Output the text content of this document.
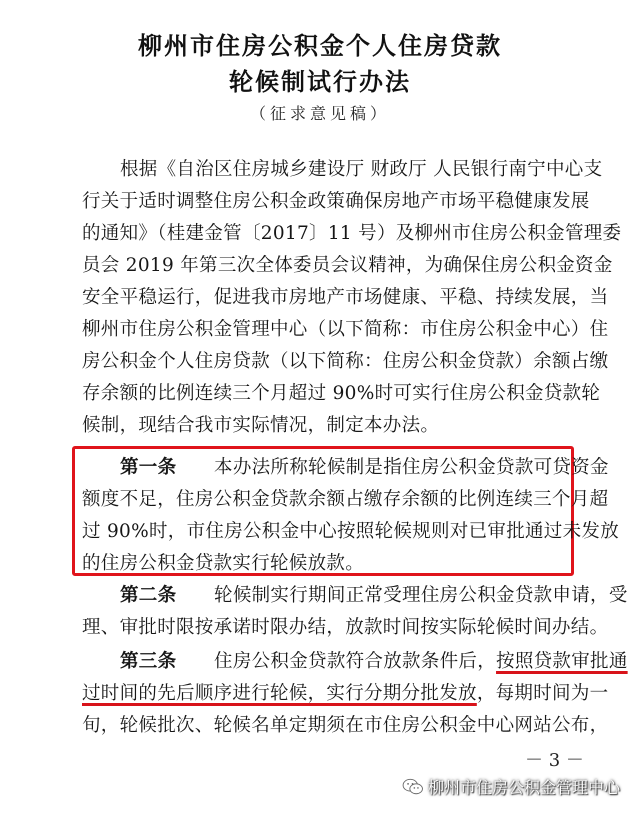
柳州市住房公积金个人住房贷款
轮候制试行办法
（征求意见稿）
根据《自治区住房城乡建设厅 财政厅 人民银行南宁中心支
行关于适时调整住房公积金政策确保房地产市场平稳健康发展
的通知》（桂建金管〔2017〕11 号）及柳州市住房公积金管理委
员会 2019 年第三次全体委员会议精神，为确保住房公积金资金
安全平稳运行，促进我市房地产市场健康、平稳、持续发展，当
柳州市住房公积金管理中心（以下简称：市住房公积金中心）住
房公积金个人住房贷款（以下简称：住房公积金贷款）余额占缴
存余额的比例连续三个月超过 90%时可实行住房公积金贷款轮
候制，现结合我市实际情况，制定本办法。
第一条　　 本办法所称轮候制是指住房公积金贷款可贷资金
额度不足，住房公积金贷款余额占缴存余额的比例连续三个月超
过 90%时，市住房公积金中心按照轮候规则对已审批通过未发放
的住房公积金贷款实行轮候放款。
第二条　　 轮候制实行期间正常受理住房公积金贷款申请，受
理、审批时限按承诺时限办结，放款时间按实际轮候时间办结。
第三条　　 住房公积金贷款符合放款条件后，按照贷款审批通
过时间的先后顺序进行轮候，实行分期分批发放，每期时间为一
旬，轮候批次、轮候名单定期须在市住房公积金中心网站公布，
－ 3 －
柳州市住房公积金管理中心
